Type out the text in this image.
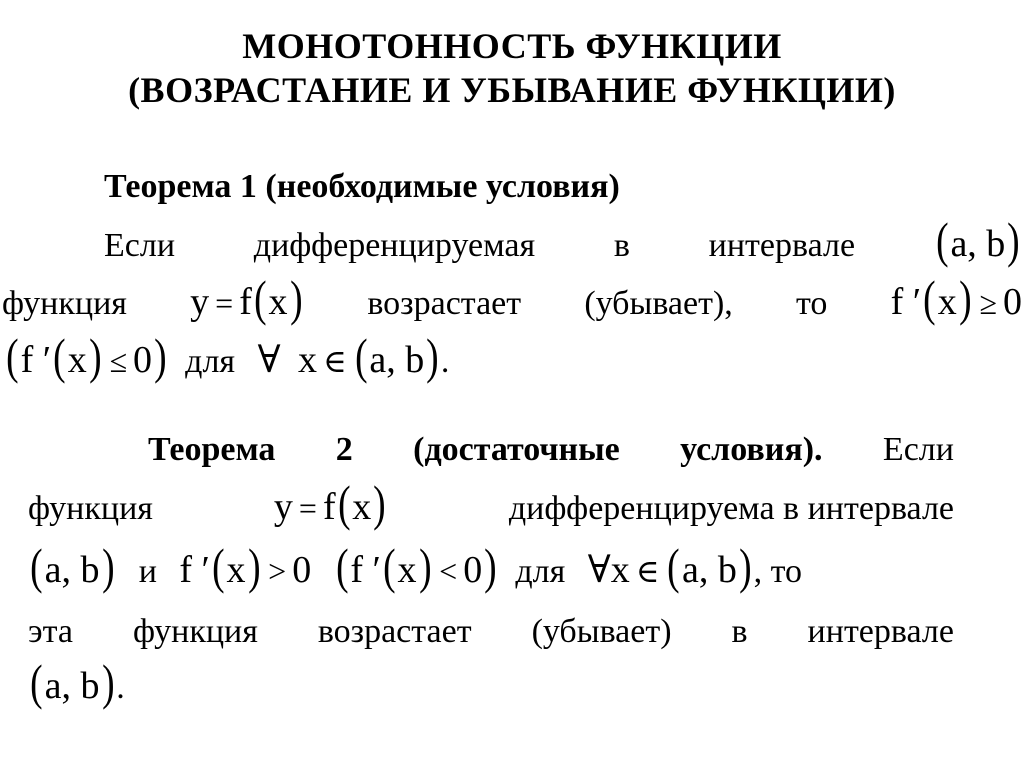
МОНОТОННОСТЬ ФУНКЦИИ
(ВОЗРАСТАНИЕ И УБЫВАНИЕ ФУНКЦИИ)
Теорема 1 (необходимые условия)
Если дифференцируемая в интервале (a, b)
функция y = f(x) возрастает (убывает), то f ′(x) ≥ 0
(f ′(x) ≤ 0) для ∀ x ∈ (a, b).
Теорема 2 (достаточные условия). Если
функция	y = f(x)	дифференцируема в интервале
(a, b) и f ′(x) > 0 (f ′(x) < 0) для ∀x ∈ (a, b), то
эта функция возрастает (убывает) в интервале
(a, b).
